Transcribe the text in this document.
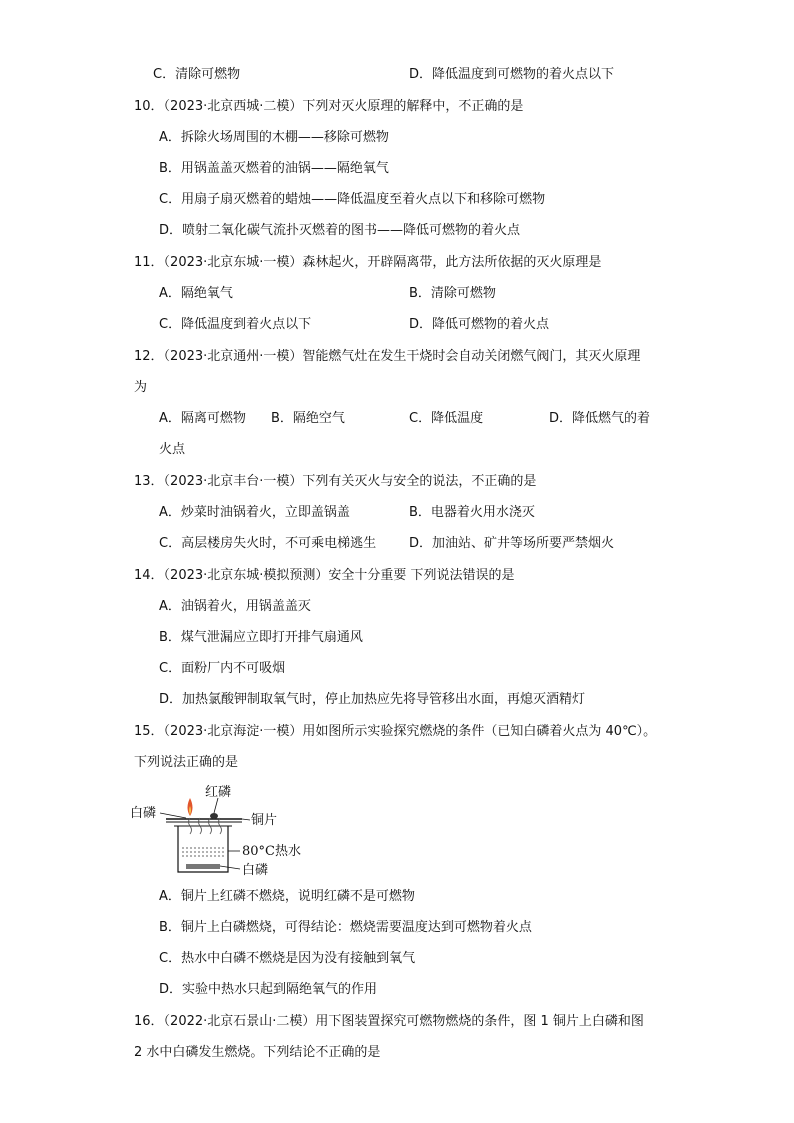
C．清除可燃物	D．降低温度到可燃物的着火点以下
10．（2023·北京西城·二模）下列对灭火原理的解释中，不正确的是
A．拆除火场周围的木棚——移除可燃物
B．用锅盖盖灭燃着的油锅——隔绝氧气
C．用扇子扇灭燃着的蜡烛——降低温度至着火点以下和移除可燃物
D．喷射二氧化碳气流扑灭燃着的图书——降低可燃物的着火点
11．（2023·北京东城·一模）森林起火，开辟隔离带，此方法所依据的灭火原理是
A．隔绝氧气	B．清除可燃物
C．降低温度到着火点以下	D．降低可燃物的着火点
12．（2023·北京通州·一模）智能燃气灶在发生干烧时会自动关闭燃气阀门，其灭火原理
为
A．隔离可燃物 B．隔绝空气	C．降低温度	D．降低燃气的着
火点
13．（2023·北京丰台·一模）下列有关灭火与安全的说法，不正确的是
A．炒菜时油锅着火，立即盖锅盖	B．电器着火用水浇灭
C．高层楼房失火时，不可乘电梯逃生	D．加油站、矿井等场所要严禁烟火
14．（2023·北京东城·模拟预测）安全十分重要 下列说法错误的是
A．油锅着火，用锅盖盖灭
B．煤气泄漏应立即打开排气扇通风
C．面粉厂内不可吸烟
D．加热氯酸钾制取氧气时，停止加热应先将导管移出水面，再熄灭酒精灯
15．（2023·北京海淀·一模）用如图所示实验探究燃烧的条件（已知白磷着火点为 40℃）。
下列说法正确的是
红磷
白磷	铜片
80°C热水
白磷
A．铜片上红磷不燃烧，说明红磷不是可燃物
B．铜片上白磷燃烧，可得结论：燃烧需要温度达到可燃物着火点
C．热水中白磷不燃烧是因为没有接触到氧气
D．实验中热水只起到隔绝氧气的作用
16．（2022·北京石景山·二模）用下图装置探究可燃物燃烧的条件，图 1 铜片上白磷和图
2 水中白磷发生燃烧。下列结论不正确的是
